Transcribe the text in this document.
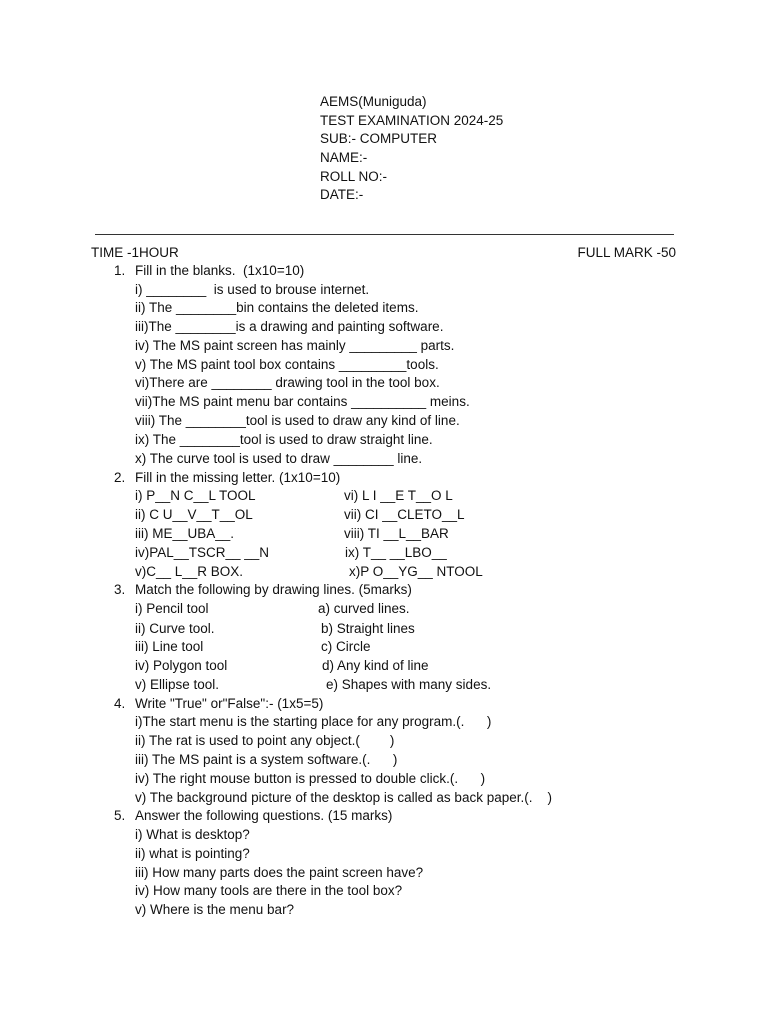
AEMS(Muniguda)
TEST EXAMINATION 2024-25
SUB:- COMPUTER
NAME:-
ROLL NO:-
DATE:-
TIME -1HOUR	FULL MARK -50
1. Fill in the blanks.  (1x10=10)
i) ________  is used to brouse internet.
ii) The ________bin contains the deleted items.
iii)The ________is a drawing and painting software.
iv) The MS paint screen has mainly _________ parts.
v) The MS paint tool box contains _________tools.
vi)There are ________ drawing tool in the tool box.
vii)The MS paint menu bar contains __________ meins.
viii) The ________tool is used to draw any kind of line.
ix) The ________tool is used to draw straight line.
x) The curve tool is used to draw ________ line.
2. Fill in the missing letter. (1x10=10)
i) P__N C__L TOOL	vi) L I __E T__O L
ii) C U__V__T__OL	vii) CI __CLETO__L
iii) ME__UBA__.	viii) TI __L__BAR
iv)PAL__TSCR__ __N	ix) T__ __LBO__
v)C__ L__R BOX.	x)P O__YG__ NTOOL
3. Match the following by drawing lines. (5marks)
i) Pencil tool	a) curved lines.
ii) Curve tool.	b) Straight lines
iii) Line tool	c) Circle
iv) Polygon tool	d) Any kind of line
v) Ellipse tool.	e) Shapes with many sides.
4. Write "True" or"False":- (1x5=5)
i)The start menu is the starting place for any program.(.      )
ii) The rat is used to point any object.(        )
iii) The MS paint is a system software.(.      )
iv) The right mouse button is pressed to double click.(.      )
v) The background picture of the desktop is called as back paper.(.    )
5. Answer the following questions. (15 marks)
i) What is desktop?
ii) what is pointing?
iii) How many parts does the paint screen have?
iv) How many tools are there in the tool box?
v) Where is the menu bar?
